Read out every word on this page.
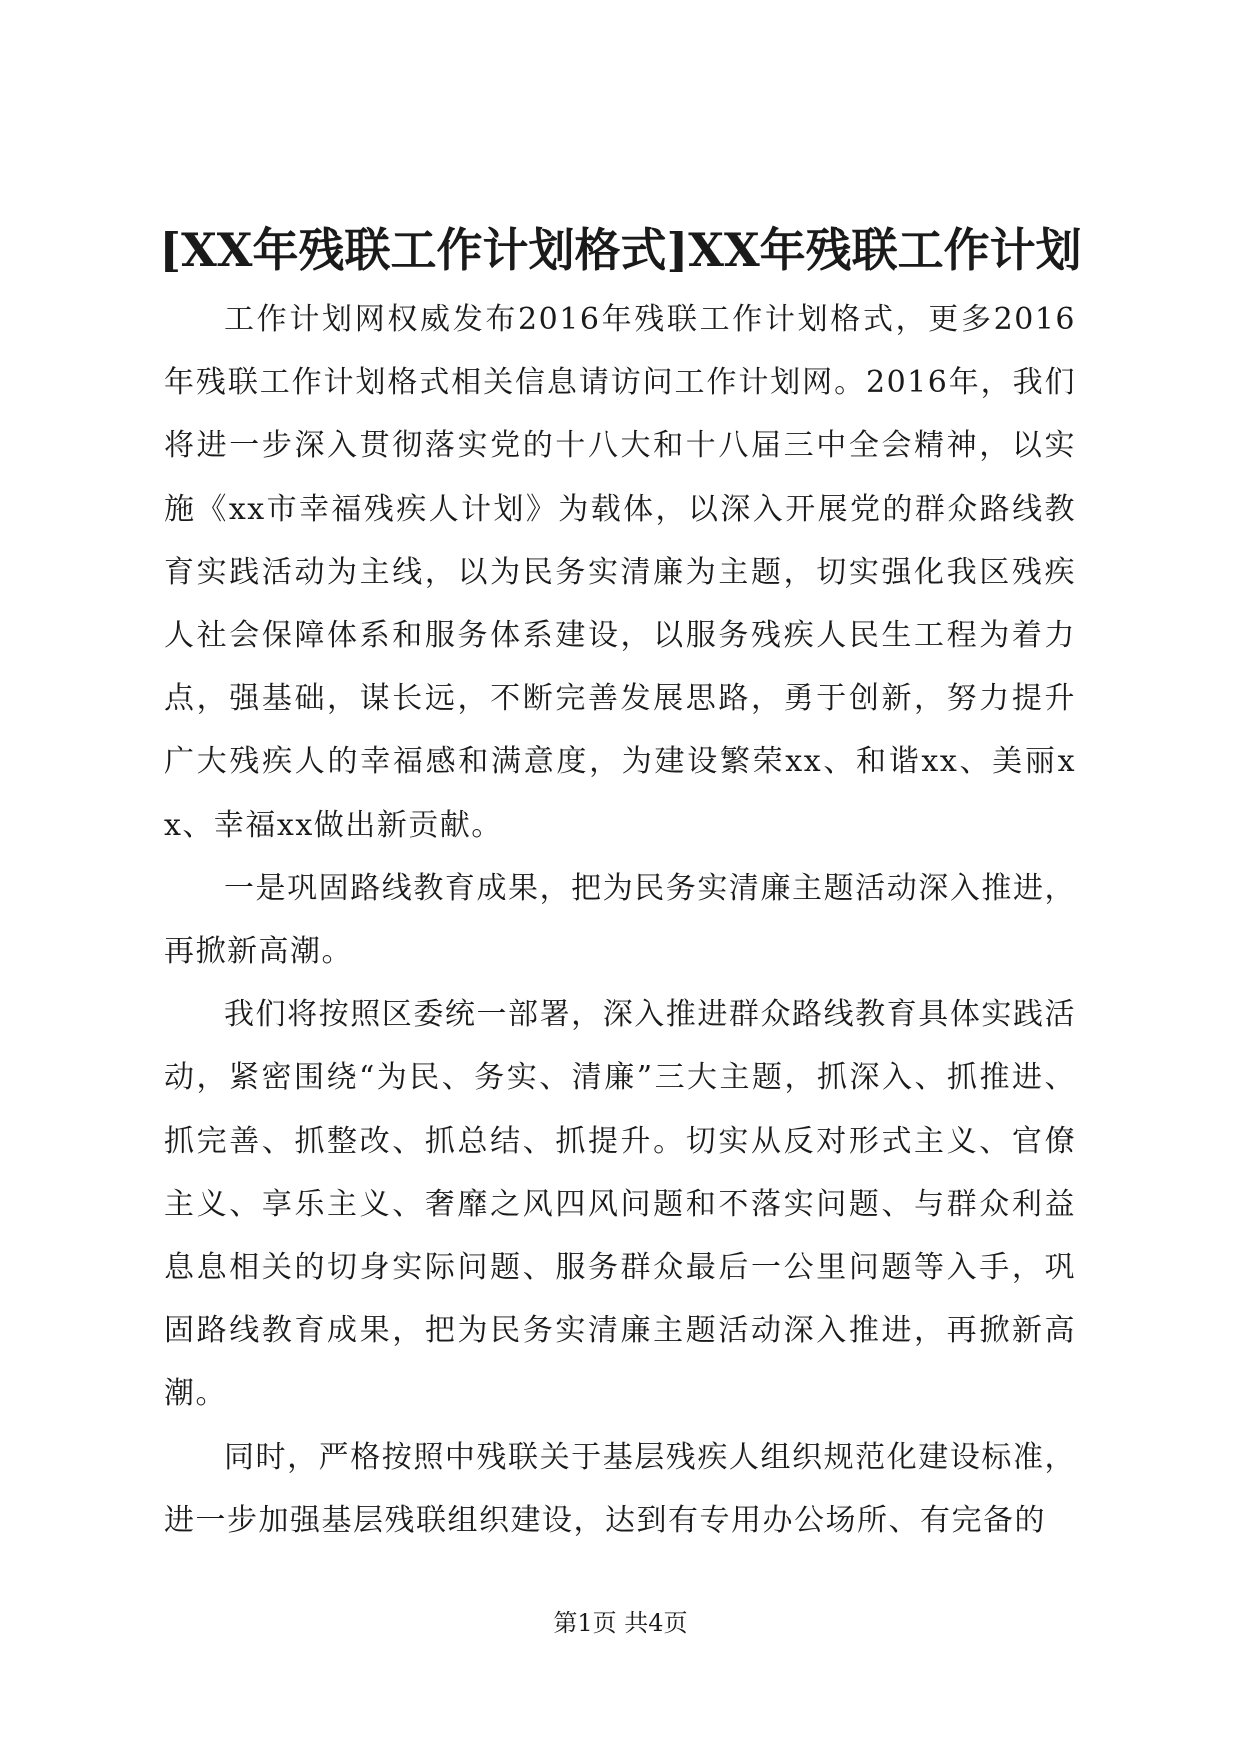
[XX年残联工作计划格式]XX年残联工作计划

工作计划网权威发布2016年残联工作计划格式，更多2016年残联工作计划格式相关信息请访问工作计划网。2016年，我们将进一步深入贯彻落实党的十八大和十八届三中全会精神，以实施《xx市幸福残疾人计划》为载体，以深入开展党的群众路线教育实践活动为主线，以为民务实清廉为主题，切实强化我区残疾人社会保障体系和服务体系建设，以服务残疾人民生工程为着力点，强基础，谋长远，不断完善发展思路，勇于创新，努力提升广大残疾人的幸福感和满意度，为建设繁荣xx、和谐xx、美丽xx、幸福xx做出新贡献。

一是巩固路线教育成果，把为民务实清廉主题活动深入推进，再掀新高潮。

我们将按照区委统一部署，深入推进群众路线教育具体实践活动，紧密围绕“为民、务实、清廉”三大主题，抓深入、抓推进、抓完善、抓整改、抓总结、抓提升。切实从反对形式主义、官僚主义、享乐主义、奢靡之风四风问题和不落实问题、与群众利益息息相关的切身实际问题、服务群众最后一公里问题等入手，巩固路线教育成果，把为民务实清廉主题活动深入推进，再掀新高潮。

同时，严格按照中残联关于基层残疾人组织规范化建设标准，进一步加强基层残联组织建设，达到有专用办公场所、有完备的

第1页 共4页
